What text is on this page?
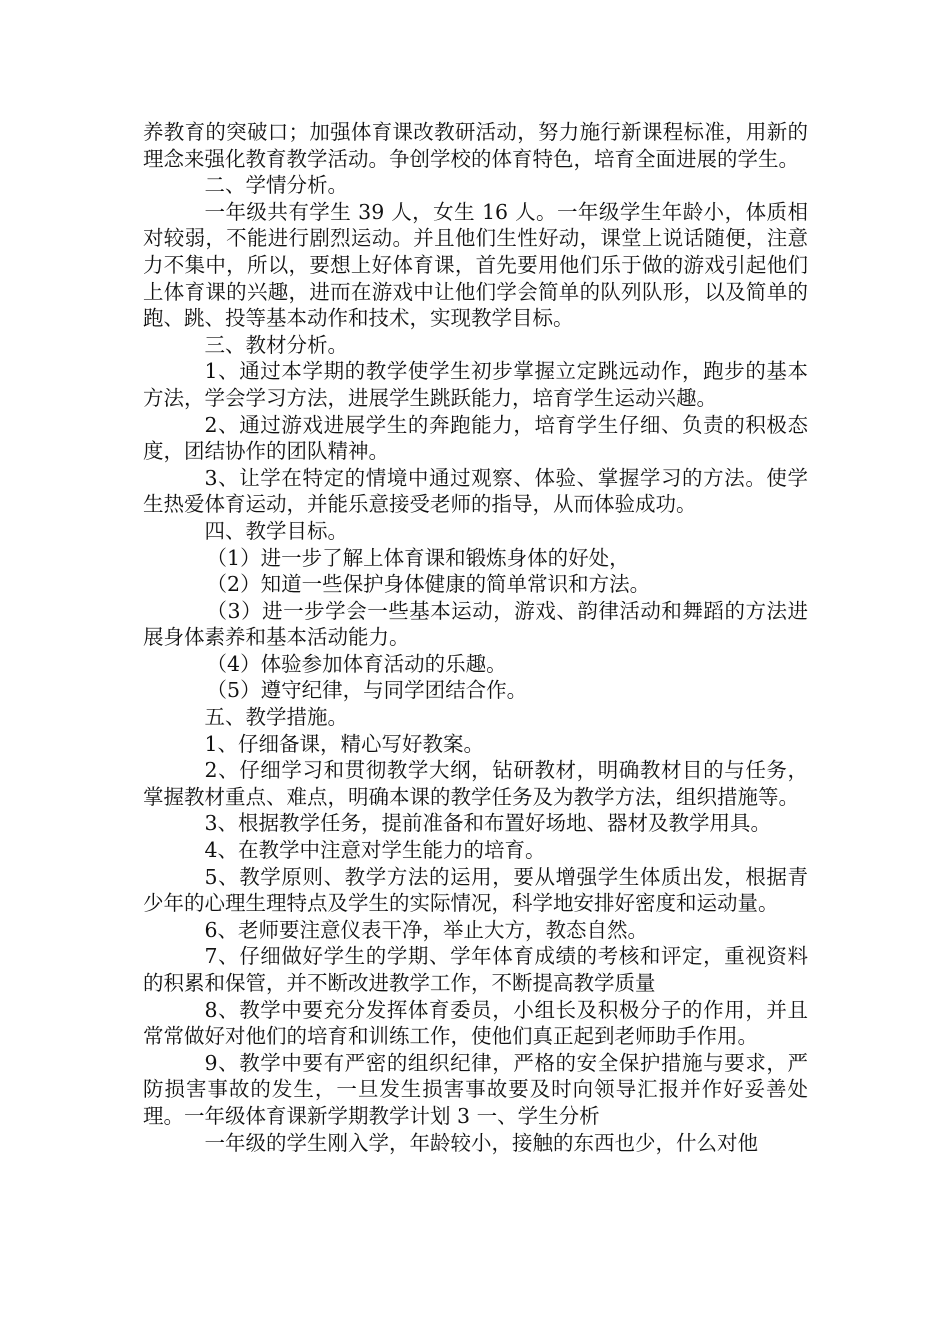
养教育的突破口；加强体育课改教研活动，努力施行新课程标准，用新的理念来强化教育教学活动。争创学校的体育特色，培育全面进展的学生。

二、学情分析。

一年级共有学生 39 人，女生 16 人。一年级学生年龄小，体质相对较弱，不能进行剧烈运动。并且他们生性好动，课堂上说话随便，注意力不集中，所以，要想上好体育课，首先要用他们乐于做的游戏引起他们上体育课的兴趣，进而在游戏中让他们学会简单的队列队形，以及简单的跑、跳、投等基本动作和技术，实现教学目标。

三、教材分析。

1、通过本学期的教学使学生初步掌握立定跳远动作，跑步的基本方法，学会学习方法，进展学生跳跃能力，培育学生运动兴趣。

2、通过游戏进展学生的奔跑能力，培育学生仔细、负责的积极态度，团结协作的团队精神。

3、让学在特定的情境中通过观察、体验、掌握学习的方法。使学生热爱体育运动，并能乐意接受老师的指导，从而体验成功。

四、教学目标。

（1）进一步了解上体育课和锻炼身体的好处，

（2）知道一些保护身体健康的简单常识和方法。

（3）进一步学会一些基本运动，游戏、韵律活动和舞蹈的方法进展身体素养和基本活动能力。

（4）体验参加体育活动的乐趣。

（5）遵守纪律，与同学团结合作。

五、教学措施。

1、仔细备课，精心写好教案。

2、仔细学习和贯彻教学大纲，钻研教材，明确教材目的与任务，掌握教材重点、难点，明确本课的教学任务及为教学方法，组织措施等。

3、根据教学任务，提前准备和布置好场地、器材及教学用具。

4、在教学中注意对学生能力的培育。

5、教学原则、教学方法的运用，要从增强学生体质出发，根据青少年的心理生理特点及学生的实际情况，科学地安排好密度和运动量。

6、老师要注意仪表干净，举止大方，教态自然。

7、仔细做好学生的学期、学年体育成绩的考核和评定，重视资料的积累和保管，并不断改进教学工作，不断提高教学质量

8、教学中要充分发挥体育委员，小组长及积极分子的作用，并且常常做好对他们的培育和训练工作，使他们真正起到老师助手作用。

9、教学中要有严密的组织纪律，严格的安全保护措施与要求，严防损害事故的发生，一旦发生损害事故要及时向领导汇报并作好妥善处理。一年级体育课新学期教学计划 3 一、学生分析

一年级的学生刚入学，年龄较小，接触的东西也少，什么对他
